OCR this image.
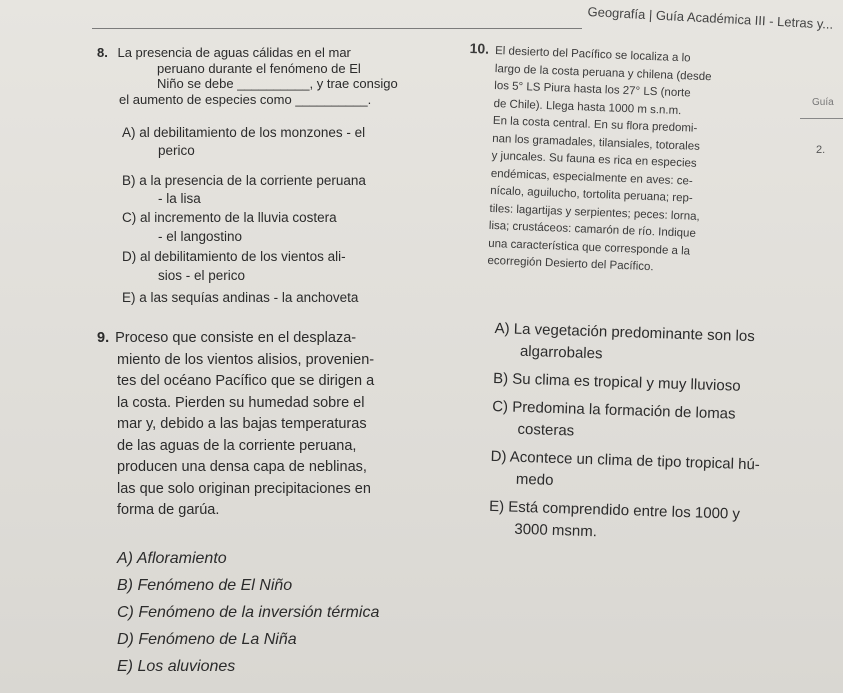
Geografía | Guía Académica III - Letras y...
8. La presencia de aguas cálidas en el mar
peruano durante el fenómeno de El
Niño se debe __________, y trae consigo
el aumento de especies como __________.
A) al debilitamiento de los monzones - el
perico
B) a la presencia de la corriente peruana
- la lisa
C) al incremento de la lluvia costera
- el langostino
D) al debilitamiento de los vientos ali-
sios - el perico
E) a las sequías andinas - la anchoveta
9. Proceso que consiste en el desplaza-
miento de los vientos alisios, provenien-
tes del océano Pacífico que se dirigen a
la costa. Pierden su humedad sobre el
mar y, debido a las bajas temperaturas
de las aguas de la corriente peruana,
producen una densa capa de neblinas,
las que solo originan precipitaciones en
forma de garúa.
A) Afloramiento
B) Fenómeno de El Niño
C) Fenómeno de la inversión térmica
D) Fenómeno de La Niña
E) Los aluviones

10. El desierto del Pacífico se localiza a lo

largo de la costa peruana y chilena (desde

los 5° LS Piura hasta los 27° LS (norte

de Chile). Llega hasta 1000 m s.n.m.

En la costa central. En su flora predomi-

nan los gramadales, tilansiales, totorales

y juncales. Su fauna es rica en especies

endémicas, especialmente en aves: ce-

nícalo, aguilucho, tortolita peruana; rep-

tiles: lagartijas y serpientes; peces: lorna,

lisa; crustáceos: camarón de río. Indique

una característica que corresponde a la

ecorregión Desierto del Pacífico.

A) La vegetación predominante son los
algarrobales
B) Su clima es tropical y muy lluvioso
C) Predomina la formación de lomas
costeras
D) Acontece un clima de tipo tropical hú-
medo
E) Está comprendido entre los 1000 y
3000 msnm.
Guía
2.
